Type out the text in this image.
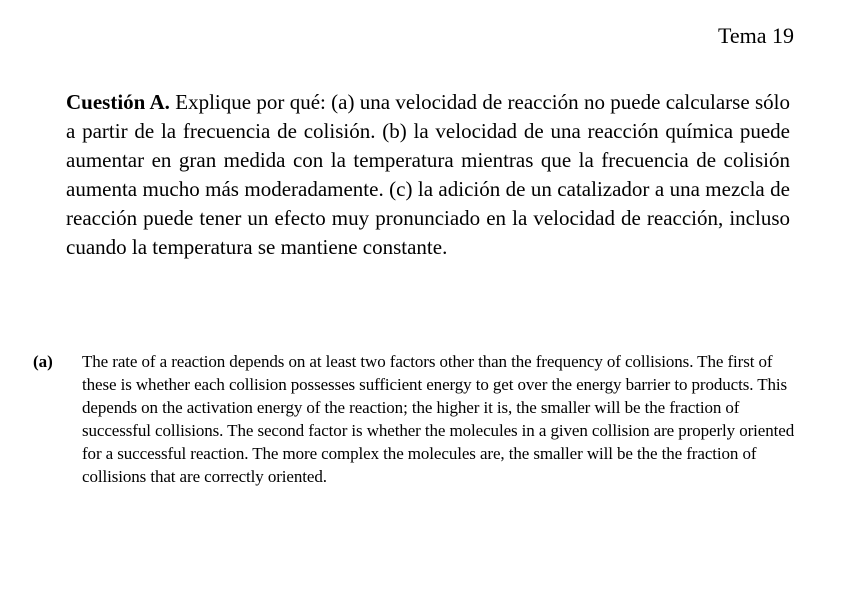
Tema 19

Cuestión A. Explique por qué: (a) una velocidad de reacción no puede calcularse sólo a partir de la frecuencia de colisión. (b) la velocidad de una reacción química puede aumentar en gran medida con la temperatura mientras que la frecuencia de colisión aumenta mucho más moderadamente. (c) la adición de un catalizador a una mezcla de reacción puede tener un efecto muy pronunciado en la velocidad de reacción, incluso cuando la temperatura se mantiene constante.

(a) The rate of a reaction depends on at least two factors other than the frequency of collisions. The first of these is whether each collision possesses sufficient energy to get over the energy barrier to products. This depends on the activation energy of the reaction; the higher it is, the smaller will be the fraction of successful collisions. The second factor is whether the molecules in a given collision are properly oriented for a successful reaction. The more complex the molecules are, the smaller will be the the fraction of collisions that are correctly oriented.
